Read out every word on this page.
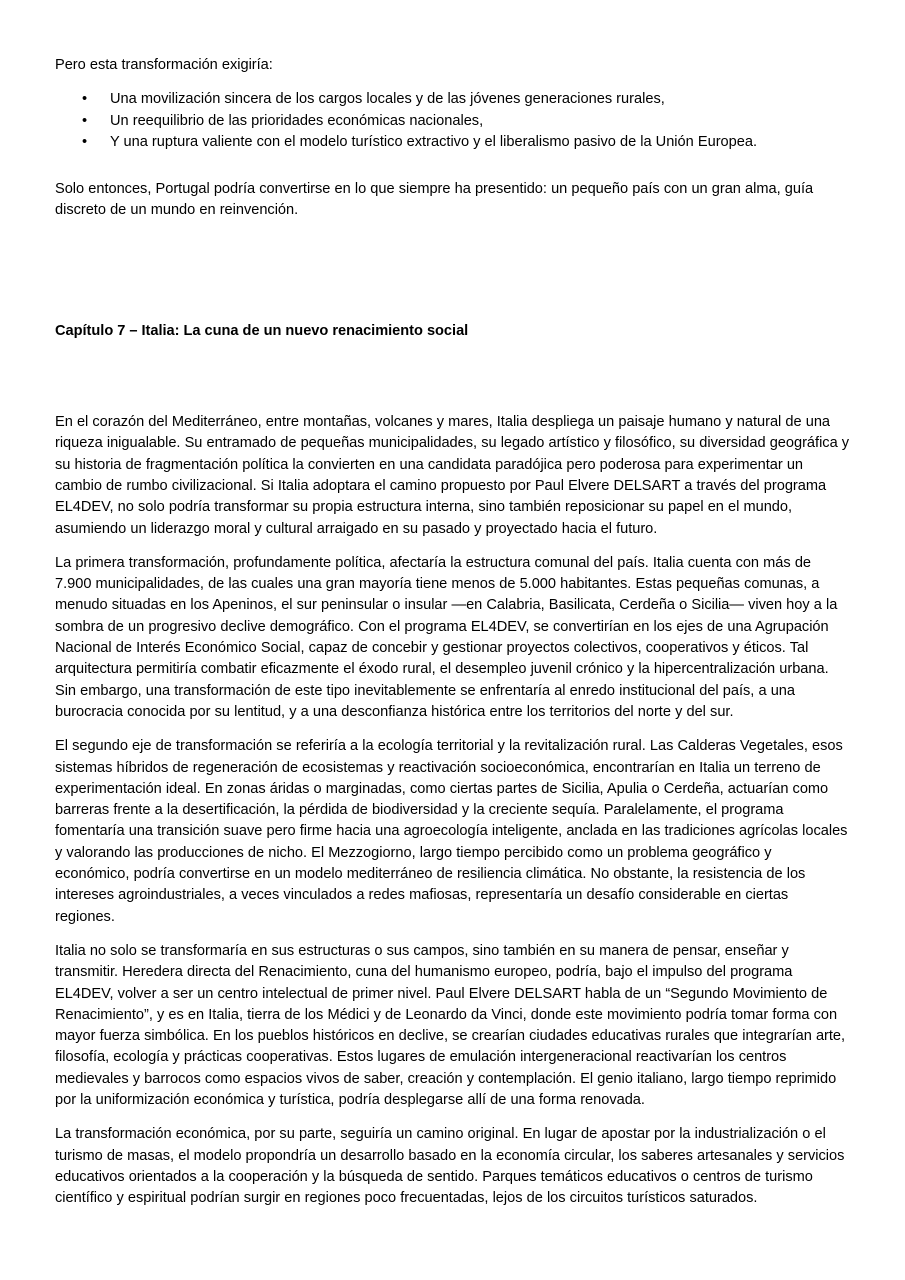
Pero esta transformación exigiría:

• Una movilización sincera de los cargos locales y de las jóvenes generaciones rurales,
• Un reequilibrio de las prioridades económicas nacionales,
• Y una ruptura valiente con el modelo turístico extractivo y el liberalismo pasivo de la Unión Europea.

Solo entonces, Portugal podría convertirse en lo que siempre ha presentido: un pequeño país con un gran alma, guía discreto de un mundo en reinvención.

Capítulo 7 – Italia: La cuna de un nuevo renacimiento social

En el corazón del Mediterráneo, entre montañas, volcanes y mares, Italia despliega un paisaje humano y natural de una riqueza inigualable. Su entramado de pequeñas municipalidades, su legado artístico y filosófico, su diversidad geográfica y su historia de fragmentación política la convierten en una candidata paradójica pero poderosa para experimentar un cambio de rumbo civilizacional. Si Italia adoptara el camino propuesto por Paul Elvere DELSART a través del programa EL4DEV, no solo podría transformar su propia estructura interna, sino también reposicionar su papel en el mundo, asumiendo un liderazgo moral y cultural arraigado en su pasado y proyectado hacia el futuro.

La primera transformación, profundamente política, afectaría la estructura comunal del país. Italia cuenta con más de 7.900 municipalidades, de las cuales una gran mayoría tiene menos de 5.000 habitantes. Estas pequeñas comunas, a menudo situadas en los Apeninos, el sur peninsular o insular —en Calabria, Basilicata, Cerdeña o Sicilia— viven hoy a la sombra de un progresivo declive demográfico. Con el programa EL4DEV, se convertirían en los ejes de una Agrupación Nacional de Interés Económico Social, capaz de concebir y gestionar proyectos colectivos, cooperativos y éticos. Tal arquitectura permitiría combatir eficazmente el éxodo rural, el desempleo juvenil crónico y la hipercentralización urbana. Sin embargo, una transformación de este tipo inevitablemente se enfrentaría al enredo institucional del país, a una burocracia conocida por su lentitud, y a una desconfianza histórica entre los territorios del norte y del sur.

El segundo eje de transformación se referiría a la ecología territorial y la revitalización rural. Las Calderas Vegetales, esos sistemas híbridos de regeneración de ecosistemas y reactivación socioeconómica, encontrarían en Italia un terreno de experimentación ideal. En zonas áridas o marginadas, como ciertas partes de Sicilia, Apulia o Cerdeña, actuarían como barreras frente a la desertificación, la pérdida de biodiversidad y la creciente sequía. Paralelamente, el programa fomentaría una transición suave pero firme hacia una agroecología inteligente, anclada en las tradiciones agrícolas locales y valorando las producciones de nicho. El Mezzogiorno, largo tiempo percibido como un problema geográfico y económico, podría convertirse en un modelo mediterráneo de resiliencia climática. No obstante, la resistencia de los intereses agroindustriales, a veces vinculados a redes mafiosas, representaría un desafío considerable en ciertas regiones.

Italia no solo se transformaría en sus estructuras o sus campos, sino también en su manera de pensar, enseñar y transmitir. Heredera directa del Renacimiento, cuna del humanismo europeo, podría, bajo el impulso del programa EL4DEV, volver a ser un centro intelectual de primer nivel. Paul Elvere DELSART habla de un “Segundo Movimiento de Renacimiento”, y es en Italia, tierra de los Médici y de Leonardo da Vinci, donde este movimiento podría tomar forma con mayor fuerza simbólica. En los pueblos históricos en declive, se crearían ciudades educativas rurales que integrarían arte, filosofía, ecología y prácticas cooperativas. Estos lugares de emulación intergeneracional reactivarían los centros medievales y barrocos como espacios vivos de saber, creación y contemplación. El genio italiano, largo tiempo reprimido por la uniformización económica y turística, podría desplegarse allí de una forma renovada.

La transformación económica, por su parte, seguiría un camino original. En lugar de apostar por la industrialización o el turismo de masas, el modelo propondría un desarrollo basado en la economía circular, los saberes artesanales y servicios educativos orientados a la cooperación y la búsqueda de sentido. Parques temáticos educativos o centros de turismo científico y espiritual podrían surgir en regiones poco frecuentadas, lejos de los circuitos turísticos saturados.
